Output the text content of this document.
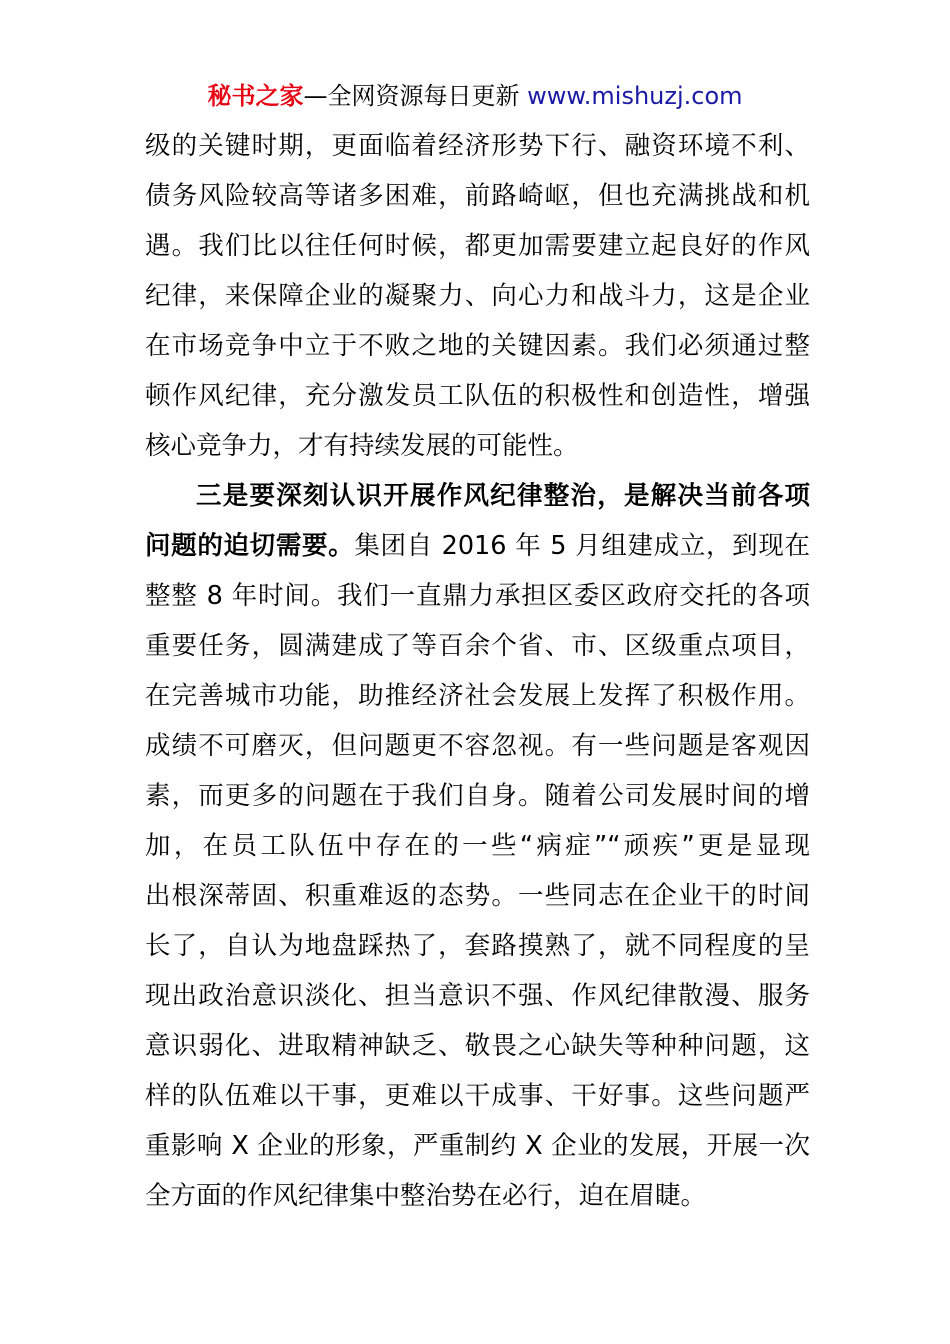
秘书之家—全网资源每日更新 www.mishuzj.com
级的关键时期，更面临着经济形势下行、融资环境不利、
债务风险较高等诸多困难，前路崎岖，但也充满挑战和机
遇。我们比以往任何时候，都更加需要建立起良好的作风
纪律，来保障企业的凝聚力、向心力和战斗力，这是企业
在市场竞争中立于不败之地的关键因素。我们必须通过整
顿作风纪律，充分激发员工队伍的积极性和创造性，增强
核心竞争力，才有持续发展的可能性。
三是要深刻认识开展作风纪律整治，是解决当前各项
问题的迫切需要。集团自 2016 年 5 月组建成立，到现在
整整 8 年时间。我们一直鼎力承担区委区政府交托的各项
重要任务，圆满建成了等百余个省、市、区级重点项目，
在完善城市功能，助推经济社会发展上发挥了积极作用。
成绩不可磨灭，但问题更不容忽视。有一些问题是客观因
素，而更多的问题在于我们自身。随着公司发展时间的增
加，在员工队伍中存在的一些“病症”“顽疾”更是显现
出根深蒂固、积重难返的态势。一些同志在企业干的时间
长了，自认为地盘踩热了，套路摸熟了，就不同程度的呈
现出政治意识淡化、担当意识不强、作风纪律散漫、服务
意识弱化、进取精神缺乏、敬畏之心缺失等种种问题，这
样的队伍难以干事，更难以干成事、干好事。这些问题严
重影响 X 企业的形象，严重制约 X 企业的发展，开展一次
全方面的作风纪律集中整治势在必行，迫在眉睫。
